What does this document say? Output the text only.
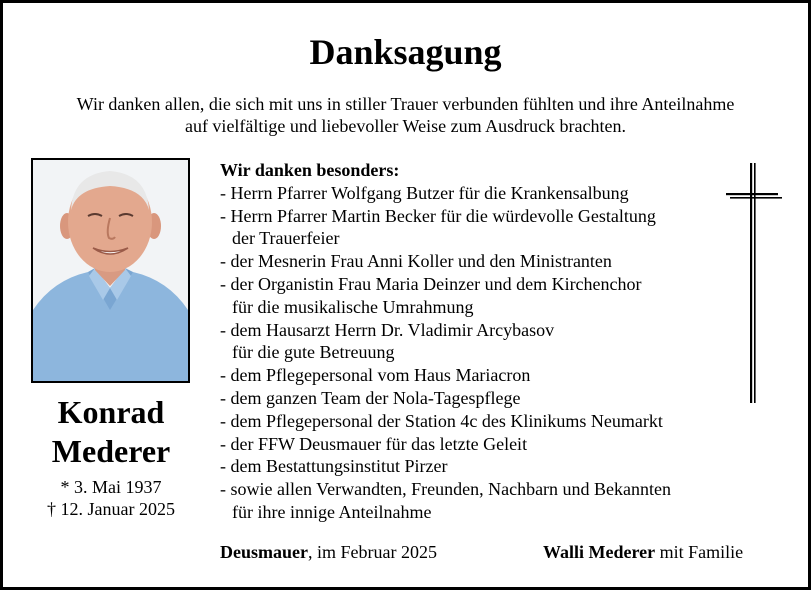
Danksagung
Wir danken allen, die sich mit uns in stiller Trauer verbunden fühlten und ihre Anteilnahme
auf vielfältige und liebevoller Weise zum Ausdruck brachten.
Konrad
Mederer
* 3. Mai 1937
† 12. Januar 2025
Wir danken besonders:
- Herrn Pfarrer Wolfgang Butzer für die Krankensalbung
- Herrn Pfarrer Martin Becker für die würdevolle Gestaltung
der Trauerfeier
- der Mesnerin Frau Anni Koller und den Ministranten
- der Organistin Frau Maria Deinzer und dem Kirchenchor
für die musikalische Umrahmung
- dem Hausarzt Herrn Dr. Vladimir Arcybasov
für die gute Betreuung
- dem Pflegepersonal vom Haus Mariacron
- dem ganzen Team der Nola-Tagespflege
- dem Pflegepersonal der Station 4c des Klinikums Neumarkt
- der FFW Deusmauer für das letzte Geleit
- dem Bestattungsinstitut Pirzer
- sowie allen Verwandten, Freunden, Nachbarn und Bekannten
für ihre innige Anteilnahme
Deusmauer, im Februar 2025	Walli Mederer mit Familie
